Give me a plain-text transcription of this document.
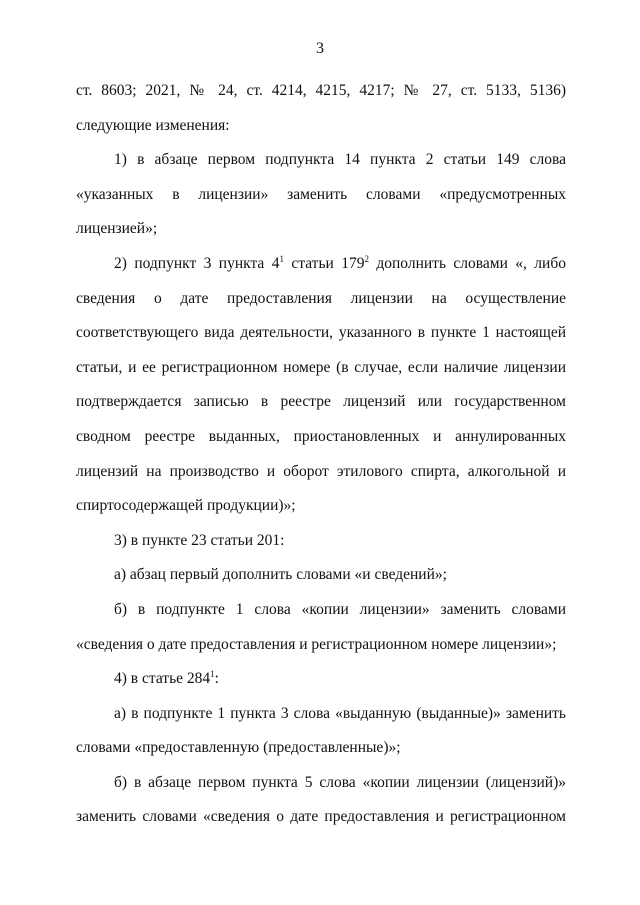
3

ст. 8603; 2021, № 24, ст. 4214, 4215, 4217; № 27, ст. 5133, 5136) следующие изменения:

1) в абзаце первом подпункта 14 пункта 2 статьи 149 слова «указанных в лицензии» заменить словами «предусмотренных лицензией»;

2) подпункт 3 пункта $4^1$ статьи $179^2$ дополнить словами «, либо сведения о дате предоставления лицензии на осуществление соответствующего вида деятельности, указанного в пункте 1 настоящей статьи, и ее регистрационном номере (в случае, если наличие лицензии подтверждается записью в реестре лицензий или государственном сводном реестре выданных, приостановленных и аннулированных лицензий на производство и оборот этилового спирта, алкогольной и спиртосодержащей продукции)»;

3) в пункте 23 статьи 201:

а) абзац первый дополнить словами «и сведений»;

б) в подпункте 1 слова «копии лицензии» заменить словами «сведения о дате предоставления и регистрационном номере лицензии»;

4) в статье $284^1$:

а) в подпункте 1 пункта 3 слова «выданную (выданные)» заменить словами «предоставленную (предоставленные)»;

б) в абзаце первом пункта 5 слова «копии лицензии (лицензий)» заменить словами «сведения о дате предоставления и регистрационном
